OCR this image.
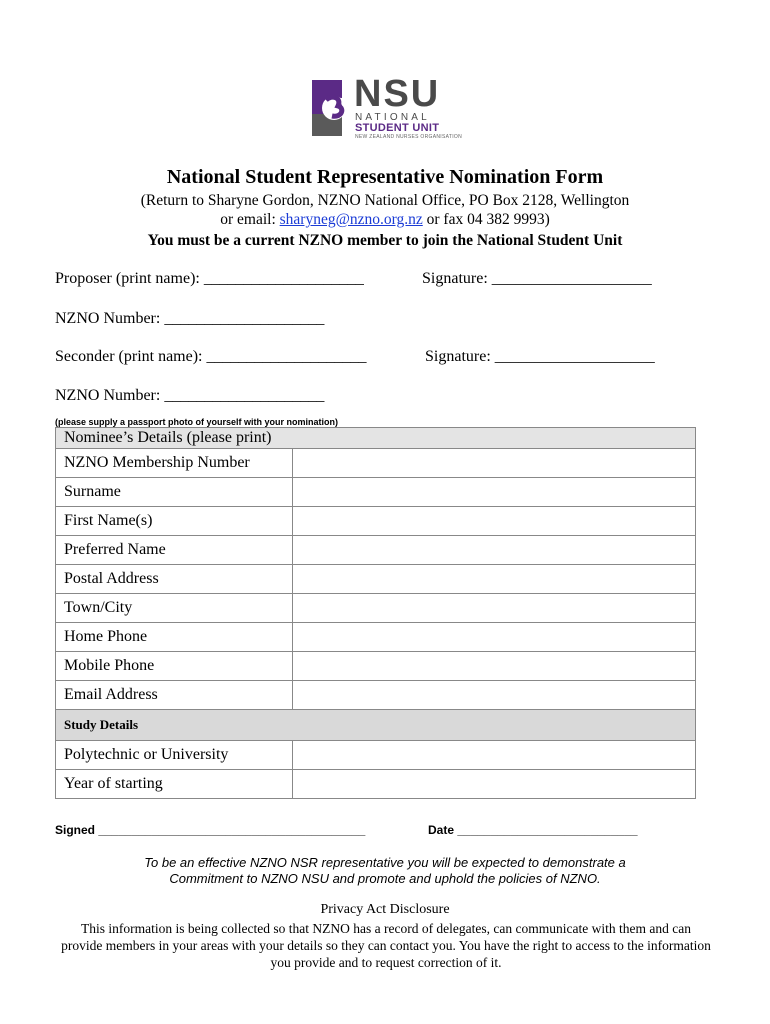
NSU
NATIONAL
STUDENT UNIT
NEW ZEALAND NURSES ORGANISATION
National Student Representative Nomination Form
(Return to Sharyne Gordon, NZNO National Office, PO Box 2128, Wellington
or email: sharyneg@nzno.org.nz or fax 04 382 9993)
You must be a current NZNO member to join the National Student Unit
Proposer (print name): ____________________	Signature: ____________________
NZNO Number: ____________________
Seconder (print name): ____________________	Signature: ____________________
NZNO Number: ____________________
(please supply a passport photo of yourself with your nomination)
Nominee’s Details (please print)	
NZNO Membership Number	
Surname	
First Name(s)	
Preferred Name	
Postal Address	
Town/City	
Home Phone	
Mobile Phone	
Email Address	
Study Details	
Polytechnic or University	
Year of starting	
Signed ________________________________________	Date ___________________________
To be an effective NZNO NSR representative you will be expected to demonstrate a
Commitment to NZNO NSU and promote and uphold the policies of NZNO.
Privacy Act Disclosure
This information is being collected so that NZNO has a record of delegates, can communicate with them and can provide members in your areas with your details so they can contact you. You have the right to access to the information you provide and to request correction of it.
